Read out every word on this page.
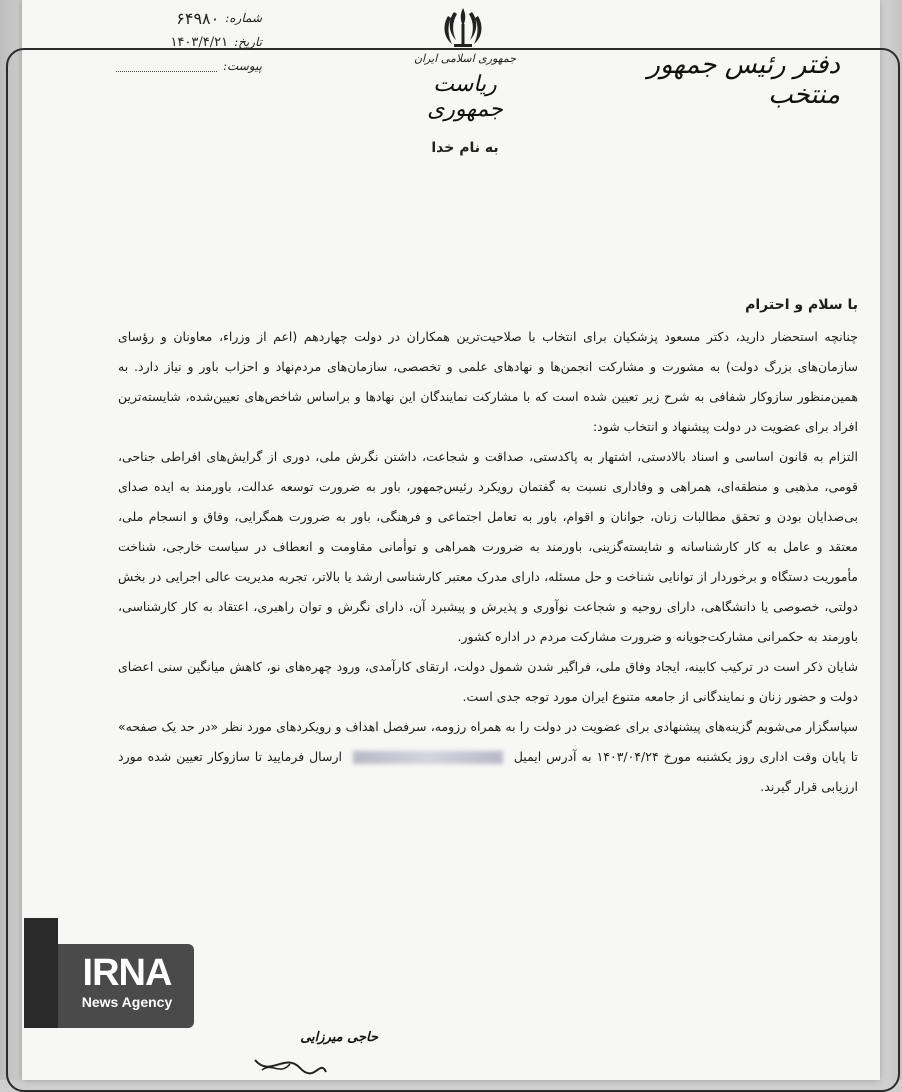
شماره:
۶۴۹۸۰
تاریخ:
۱۴۰۳/۴/۲۱
پیوست:
جمهوری اسلامی ایران
ریاست جمهوری
دفتر رئیس جمهور منتخب
به نام خدا
با سلام و احترام

چنانچه استحضار دارید، دکتر مسعود پزشکیان برای انتخاب با صلاحیت‌ترین همکاران در دولت چهاردهم (اعم از وزراء، معاونان و رؤسای سازمان‌های بزرگ دولت) به مشورت و مشارکت انجمن‌ها و نهادهای علمی و تخصصی، سازمان‌های مردم‌نهاد و احزاب باور و نیاز دارد. به همین‌منظور سازوکار شفافی به شرح زیر تعیین شده است که با مشارکت نمایندگان این نهادها و براساس شاخص‌های تعیین‌شده، شایسته‌ترین افراد برای عضویت در دولت پیشنهاد و انتخاب شود:

التزام به قانون اساسی و اسناد بالادستی، اشتهار به پاکدستی، صداقت و شجاعت، داشتن نگرش ملی، دوری از گرایش‌های افراطی جناحی، قومی، مذهبی و منطقه‌ای، همراهی و وفاداری نسبت به گفتمان رویکرد رئیس‌جمهور، باور به ضرورت توسعه عدالت، باورمند به ایده صدای بی‌صدایان بودن و تحقق مطالبات زنان، جوانان و اقوام، باور به تعامل اجتماعی و فرهنگی، باور به ضرورت همگرایی، وفاق و انسجام ملی، معتقد و عامل به کار کارشناسانه و شایسته‌گزینی، باورمند به ضرورت همراهی و توأمانی مقاومت و انعطاف در سیاست خارجی، شناخت مأموریت دستگاه و برخوردار از توانایی شناخت و حل مسئله، دارای مدرک معتبر کارشناسی ارشد یا بالاتر، تجربه مدیریت عالی اجرایی در بخش دولتی، خصوصی یا دانشگاهی، دارای روحیه و شجاعت نوآوری و پذیرش و پیشبرد آن، دارای نگرش و توان راهبری، اعتقاد به کار کارشناسی، باورمند به حکمرانی مشارکت‌جویانه و ضرورت مشارکت مردم در اداره کشور.

شایان ذکر است در ترکیب کابینه، ایجاد وفاق ملی، فراگیر شدن شمول دولت، ارتقای کارآمدی، ورود چهره‌های نو، کاهش میانگین سنی اعضای دولت و حضور زنان و نمایندگانی از جامعه متنوع ایران مورد توجه جدی است.

سپاسگزار می‌شویم گزینه‌های پیشنهادی برای عضویت در دولت را به همراه رزومه، سرفصل اهداف و رویکردهای مورد نظر «در حد یک صفحه» تا پایان وقت اداری روز یکشنبه مورخ ۱۴۰۳/۰۴/۲۴ به آدرس ایمیل  ارسال فرمایید تا سازوکار تعیین شده مورد ارزیابی قرار گیرند.

حاجی میرزایی
IRNA
News Agency
